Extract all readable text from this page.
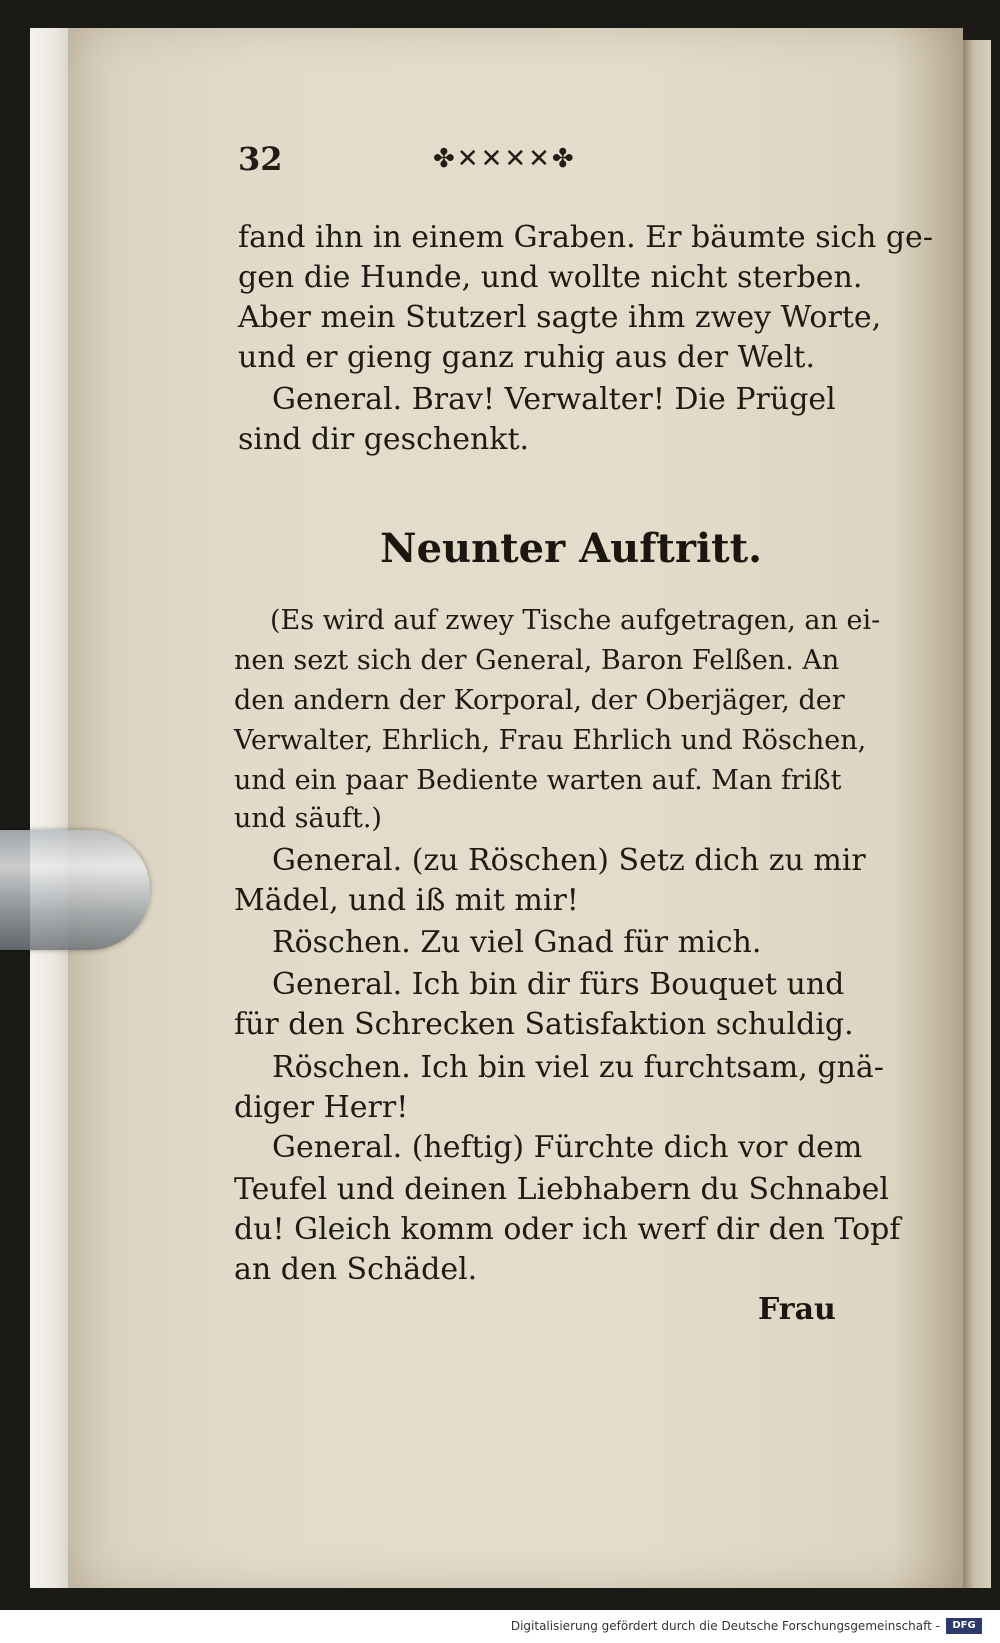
32	✤✕✕✕✕✤
fand ihn in einem Graben. Er bäumte sich ge-
gen die Hunde, und wollte nicht sterben.
Aber mein Stutzerl sagte ihm zwey Worte,
und er gieng ganz ruhig aus der Welt.
General. Brav! Verwalter! Die Prügel
sind dir geschenkt.
Neunter Auftritt.
(Es wird auf zwey Tische aufgetragen, an ei-
nen sezt sich der General, Baron Felßen. An
den andern der Korporal, der Oberjäger, der
Verwalter, Ehrlich, Frau Ehrlich und Röschen,
und ein paar Bediente warten auf. Man frißt
und säuft.)
General. (zu Röschen) Setz dich zu mir
Mädel, und iß mit mir!
Röschen. Zu viel Gnad für mich.
General. Ich bin dir fürs Bouquet und
für den Schrecken Satisfaktion schuldig.
Röschen. Ich bin viel zu furchtsam, gnä-
diger Herr!
General. (heftig) Fürchte dich vor dem
Teufel und deinen Liebhabern du Schnabel
du! Gleich komm oder ich werf dir den Topf
an den Schädel.
Frau
Digitalisierung gefördert durch die Deutsche Forschungsgemeinschaft -	DFG
